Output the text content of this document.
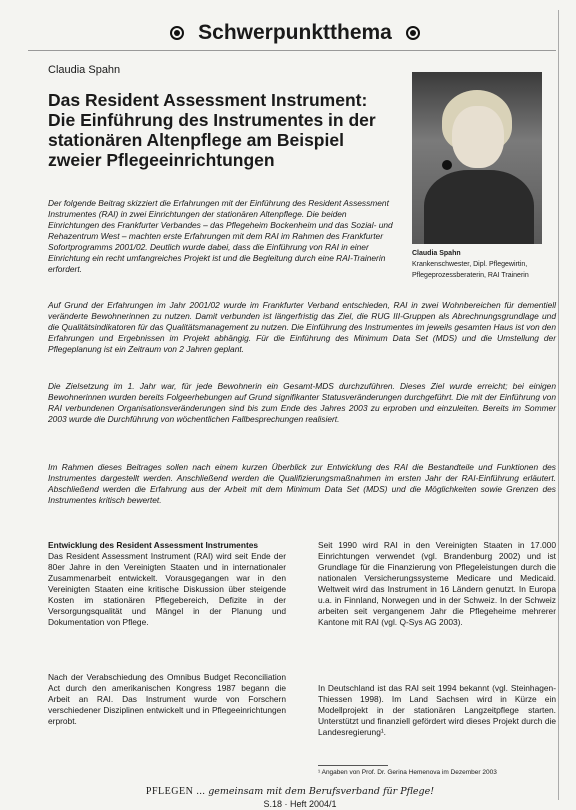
Schwerpunktthema
Claudia Spahn
Das Resident Assessment Instrument:
Die Einführung des Instrumentes in der
stationären Altenpflege am Beispiel
zweier Pflegeeinrichtungen
Claudia Spahn
Krankenschwester, Dipl. Pflegewirtin, Pflegeprozessberaterin, RAI Trainerin

Der folgende Beitrag skizziert die Erfahrungen mit der Einführung des Resident Assessment Instrumentes (RAI) in zwei Einrichtungen der stationären Altenpflege. Die beiden Einrichtungen des Frankfurter Verbandes – das Pflegeheim Bockenheim und das Sozial- und Rehazentrum West – machten erste Erfahrungen mit dem RAI im Rahmen des Frankfurter Sofortprogramms 2001/02. Deutlich wurde dabei, dass die Einführung von RAI in einer Einrichtung ein recht umfangreiches Projekt ist und die Begleitung durch eine RAI-Trainerin erfordert.

Auf Grund der Erfahrungen im Jahr 2001/02 wurde im Frankfurter Verband entschieden, RAI in zwei Wohnbereichen für dementiell veränderte Bewohnerinnen zu nutzen. Damit verbunden ist längerfristig das Ziel, die RUG III-Gruppen als Abrechnungsgrundlage und die Qualitätsindikatoren für das Qualitätsmanagement zu nutzen. Die Einführung des Instrumentes im jeweils gesamten Haus ist von den Erfahrungen und Ergebnissen im Projekt abhängig. Für die Einführung des Minimum Data Set (MDS) und die Umstellung der Pflegeplanung ist ein Zeitraum von 2 Jahren geplant.

Die Zielsetzung im 1. Jahr war, für jede Bewohnerin ein Gesamt-MDS durchzuführen. Dieses Ziel wurde erreicht; bei einigen Bewohnerinnen wurden bereits Folgeerhebungen auf Grund signifikanter Statusveränderungen durchgeführt. Die mit der Einführung von RAI verbundenen Organisationsveränderungen sind bis zum Ende des Jahres 2003 zu erproben und einzuleiten. Bereits im Sommer 2003 wurde die Durchführung von wöchentlichen Fallbesprechungen realisiert.

Im Rahmen dieses Beitrages sollen nach einem kurzen Überblick zur Entwicklung des RAI die Bestandteile und Funktionen des Instrumentes dargestellt werden. Anschließend werden die Qualifizierungsmaßnahmen im ersten Jahr der RAI-Einführung erläutert. Abschließend werden die Erfahrung aus der Arbeit mit dem Minimum Data Set (MDS) und die Möglichkeiten sowie Grenzen des Instrumentes kritisch bewertet.

Entwicklung des Resident Assessment Instrumentes

Das Resident Assessment Instrument (RAI) wird seit Ende der 80er Jahre in den Vereinigten Staaten und in internationaler Zusammenarbeit entwickelt. Vorausgegangen war in den Vereinigten Staaten eine kritische Diskussion über steigende Kosten im stationären Pflegebereich, Defizite in der Versorgungsqualität und Mängel in der Planung und Dokumentation von Pflege.

Nach der Verabschiedung des Omnibus Budget Reconciliation Act durch den amerikanischen Kongress 1987 begann die Arbeit an RAI. Das Instrument wurde von Forschern verschiedener Disziplinen entwickelt und in Pflegeeinrichtungen erprobt.

Seit 1990 wird RAI in den Vereinigten Staaten in 17.000 Einrichtungen verwendet (vgl. Brandenburg 2002) und ist Grundlage für die Finanzierung von Pflegeleistungen durch die nationalen Versicherungssysteme Medicare und Medicaid. Weltweit wird das Instrument in 16 Ländern genutzt. In Europa u.a. in Finnland, Norwegen und in der Schweiz. In der Schweiz arbeiten seit vergangenem Jahr die Pflegeheime mehrerer Kantone mit RAI (vgl. Q-Sys AG 2003).

In Deutschland ist das RAI seit 1994 bekannt (vgl. Steinhagen-Thiessen 1998). Im Land Sachsen wird in Kürze ein Modellprojekt in der stationären Langzeitpflege starten. Unterstützt und finanziell gefördert wird dieses Projekt durch die Landesregierung¹.

¹ Angaben von Prof. Dr. Gerina Hemenova im Dezember 2003
PFLEGEN ... gemeinsam mit dem Berufsverband für Pflege!
S.18 · Heft 2004/1
